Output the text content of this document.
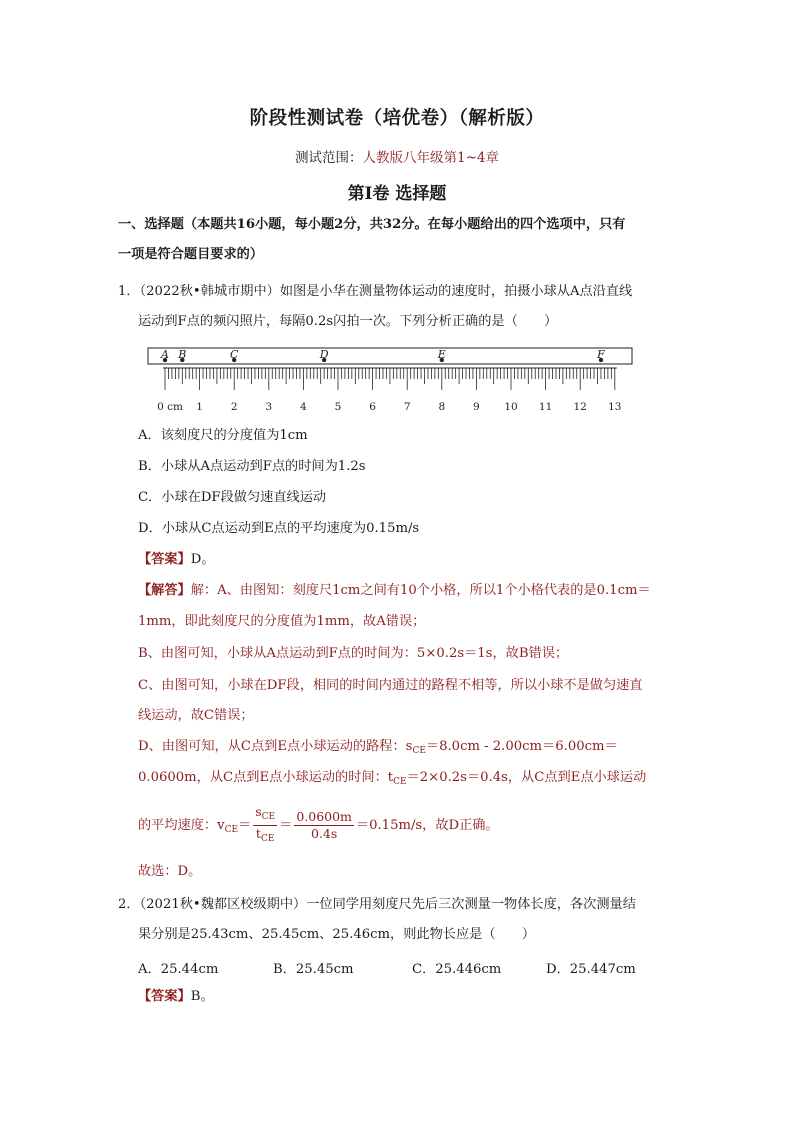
阶段性测试卷（培优卷）（解析版）
测试范围：人教版八年级第1~4章
第Ⅰ卷 选择题
一、选择题（本题共16小题，每小题2分，共32分。在每小题给出的四个选项中，只有
一项是符合题目要求的）
1．（2022秋•韩城市期中）如图是小华在测量物体运动的速度时，拍摄小球从A点沿直线
运动到F点的频闪照片，每隔0.2s闪拍一次。下列分析正确的是（　　）
0 cm 1	2	3	4	5	6	7	8	9 10 11 12 13
A B	C	D	E	F
A．该刻度尺的分度值为1cm
B．小球从A点运动到F点的时间为1.2s
C．小球在DF段做匀速直线运动
D．小球从C点运动到E点的平均速度为0.15m/s
【答案】D。
【解答】解：A、由图知：刻度尺1cm之间有10个小格，所以1个小格代表的是0.1cm＝
1mm，即此刻度尺的分度值为1mm，故A错误；
B、由图可知，小球从A点运动到F点的时间为：5×0.2s＝1s，故B错误；
C、由图可知，小球在DF段，相同的时间内通过的路程不相等，所以小球不是做匀速直
线运动，故C错误；
D、由图可知，从C点到E点小球运动的路程：$s_{CE}=8.0cm - 2.00cm=6.00cm=$
0.0600m，从C点到E点小球运动的时间：$t_{CE}=2\times 0.2s=0.4s$，从C点到E点小球运动
的平均速度：$v_{CE}= \frac{s_{CE}}{t_{CE}} = \frac{0.0600m}{0.4s} =0.15m/s$，故D正确。
故选：D。
2．（2021秋•魏都区校级期中）一位同学用刻度尺先后三次测量一物体长度，各次测量结
果分别是25.43cm、25.45cm、25.46cm，则此物长应是（　　）
A．25.44cm	B．25.45cm	C．25.446cm	D．25.447cm
【答案】B。
